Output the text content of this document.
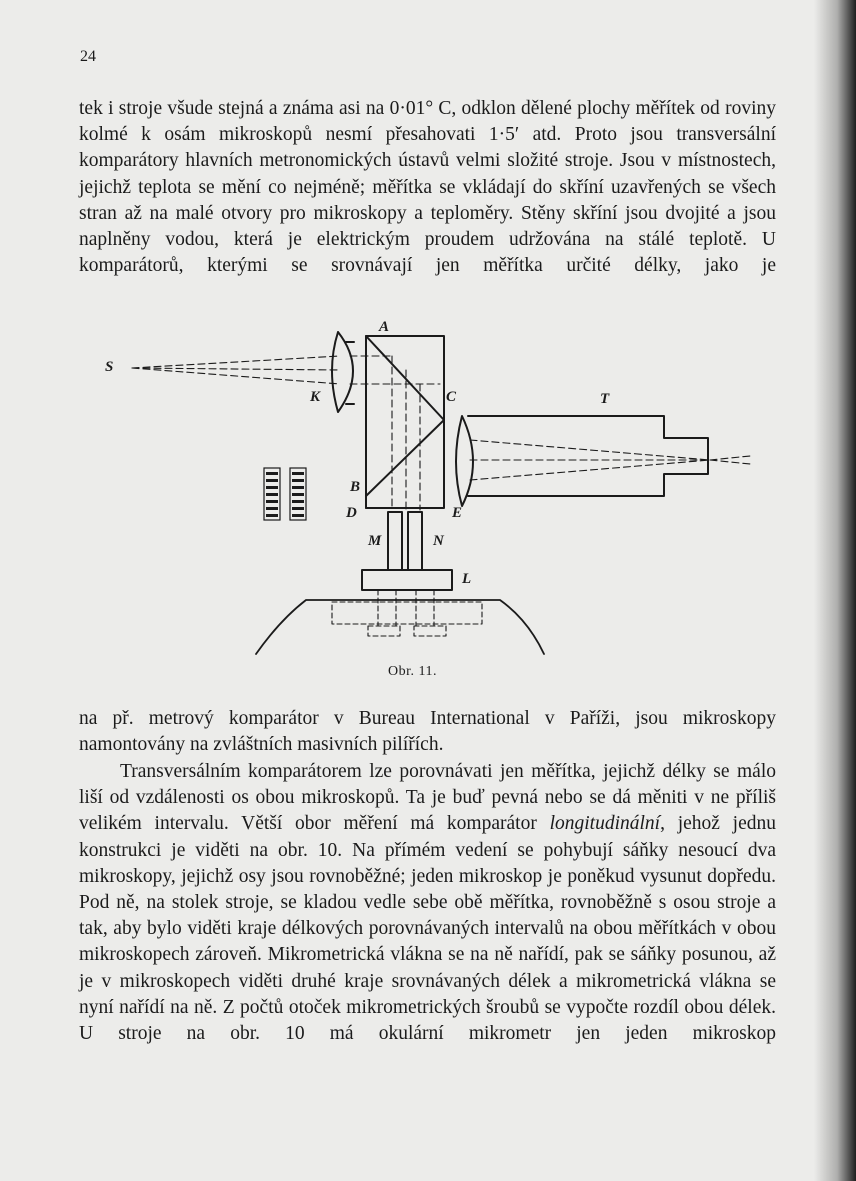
24

tek i stroje všude stejná a známa asi na 0·01° C, odklon dělené plochy měřítek od roviny kolmé k osám mikroskopů nesmí přesahovati 1·5′ atd. Proto jsou transversální komparátory hlavních metronomických ústavů velmi složité stroje. Jsou v místnostech, jejichž teplota se mění co nejméně; měřítka se vkládají do skříní uzavřených se všech stran až na malé otvory pro mikroskopy a teploměry. Stěny skříní jsou dvojité a jsou naplněny vodou, která je elektrickým proudem udržována na stálé teplotě. U komparátorů, kterými se srovnávají jen měřítka určité délky, jako je

S
A
K	C	T
B
D	E
M	N
L
Obr. 11.

na př. metrový komparátor v Bureau International v Paříži, jsou mikroskopy namontovány na zvláštních masivních pilířích.

Transversálním komparátorem lze porovnávati jen měřítka, jejichž délky se málo liší od vzdálenosti os obou mikroskopů. Ta je buď pevná nebo se dá měniti v ne příliš velikém intervalu. Větší obor měření má komparátor longitudinální, jehož jednu konstrukci je viděti na obr. 10. Na přímém vedení se pohybují sáňky nesoucí dva mikroskopy, jejichž osy jsou rovnoběžné; jeden mikroskop je poněkud vysunut dopředu. Pod ně, na stolek stroje, se kladou vedle sebe obě měřítka, rovnoběžně s osou stroje a tak, aby bylo viděti kraje délkových porovnávaných intervalů na obou měřítkách v obou mikroskopech zároveň. Mikrometrická vlákna se na ně nařídí, pak se sáňky posunou, až je v mikroskopech viděti druhé kraje srovnávaných délek a mikrometrická vlákna se nyní nařídí na ně. Z počtů otoček mikrometrických šroubů se vypočte rozdíl obou délek. U stroje na obr. 10 má okulární mikrometr jen jeden mikroskop
